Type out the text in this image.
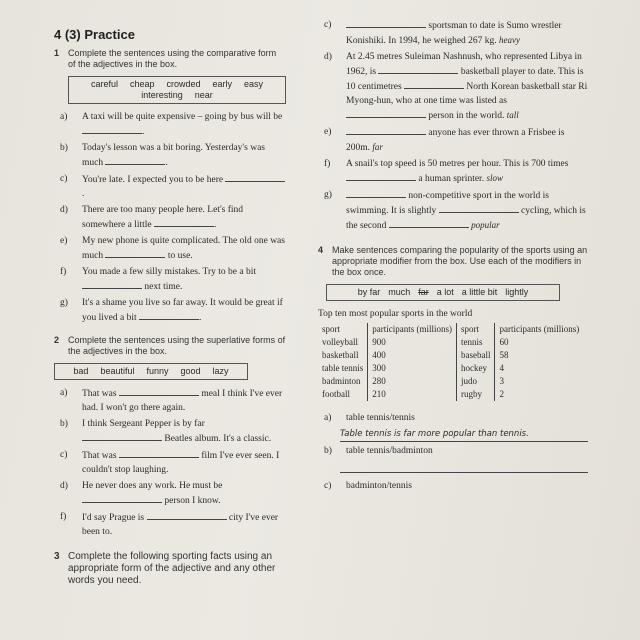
4 (3) Practice
1 Complete the sentences using the comparative form of the adjectives in the box.
careful cheap crowded early easy
interesting near
a)	A taxi will be quite expensive – going by bus will be .
b)	Today's lesson was a bit boring. Yesterday's was much	.
c)	You're late. I expected you to be here .
d)	There are too many people here. Let's find somewhere a little	.
e)	My new phone is quite complicated. The old one was much	to use.
f)	You made a few silly mistakes. Try to be a bit  next time.
g)	It's a shame you live so far away. It would be great if you lived a bit	.
2 Complete the sentences using the superlative forms of the adjectives in the box.
bad beautiful funny good lazy
a)	That was	meal I think I've ever had. I won't go there again.
b)	I think Sergeant Pepper is by far  Beatles album. It's a classic.
c)	That was	film I've ever seen. I couldn't stop laughing.
d)	He never does any work. He must be  person I know.
f)	I'd say Prague is	city I've ever been to.
3 Complete the following sporting facts using an appropriate form of the adjective and any other words you need.
c)	sportsman to date is Sumo wrestler Konishiki. In 1994, he weighed 267 kg. heavy
d)	At 2.45 metres Suleiman Nashnush, who represented Libya in 1962, is	basketball player to date. This is 10 centimetres	North Korean basketball star Ri Myong-hun, who at one time was listed as  person in the world. tall
e)	anyone has ever thrown a Frisbee is 200m. far
f)	A snail's top speed is 50 metres per hour. This is 700 times  a human sprinter. slow
g)	non-competitive sport in the world is swimming. It is slightly	cycling, which is the second	popular
4 Make sentences comparing the popularity of the sports using an appropriate modifier from the box. Use each of the modifiers in the box once.
by far much far a lot a little bit lightly
Top ten most popular sports in the world
sport	participants (millions)	sport	participants (millions)
volleyball	900	tennis	60
basketball	400	baseball	58
table tennis	300	hockey	4
badminton	280	judo	3
football	210	rugby	2
a)	table tennis/tennis
Table tennis is far more popular than tennis.
b)	table tennis/badminton
c)	badminton/tennis
